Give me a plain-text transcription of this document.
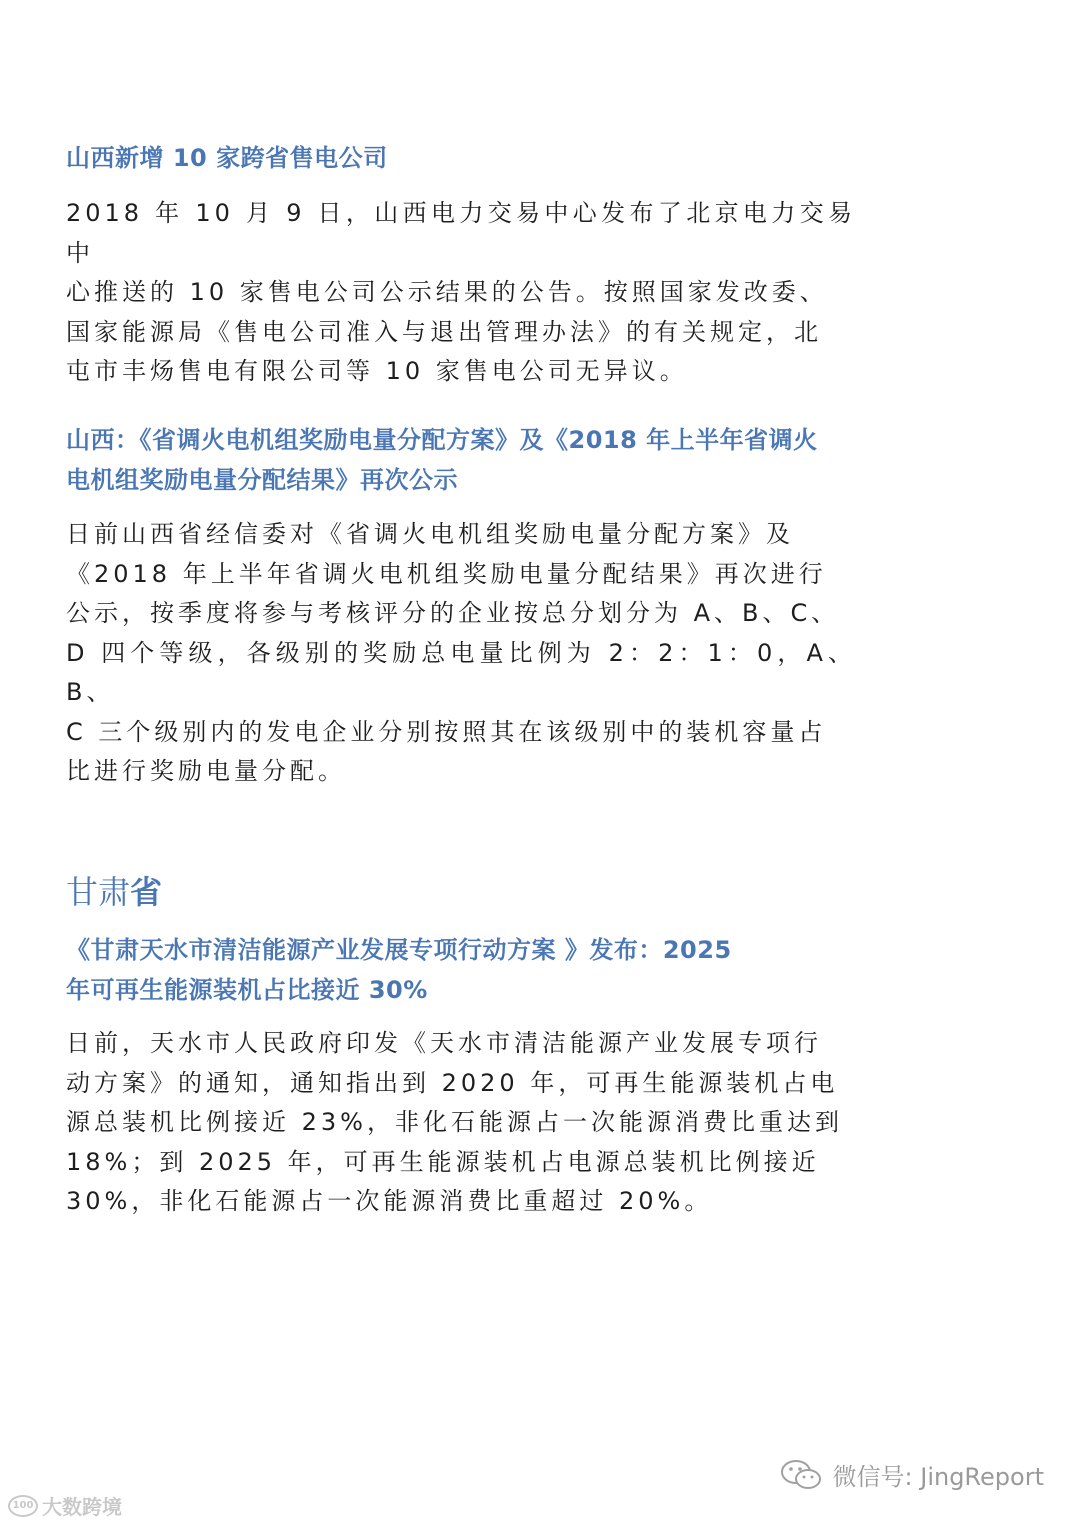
山西新增 10 家跨省售电公司
2018 年 10 月 9 日，山西电力交易中心发布了北京电力交易中
心推送的 10 家售电公司公示结果的公告。按照国家发改委、
国家能源局《售电公司准入与退出管理办法》的有关规定，北
屯市丰炀售电有限公司等 10 家售电公司无异议。
山西：《省调火电机组奖励电量分配方案》及《2018 年上半年省调火
电机组奖励电量分配结果》再次公示
日前山西省经信委对《省调火电机组奖励电量分配方案》及
《2018 年上半年省调火电机组奖励电量分配结果》再次进行
公示，按季度将参与考核评分的企业按总分划分为 A、B、C、
D 四个等级，各级别的奖励总电量比例为 2：2：1：0，A、B、
C 三个级别内的发电企业分别按照其在该级别中的装机容量占
比进行奖励电量分配。
甘肃省
《甘肃天水市清洁能源产业发展专项行动方案 》发布：2025
年可再生能源装机占比接近 30%
日前，天水市人民政府印发《天水市清洁能源产业发展专项行
动方案》的通知，通知指出到 2020 年，可再生能源装机占电
源总装机比例接近 23%，非化石能源占一次能源消费比重达到
18%；到 2025 年，可再生能源装机占电源总装机比例接近
30%，非化石能源占一次能源消费比重超过 20%。
微信号: JingReport
100 大数跨境
